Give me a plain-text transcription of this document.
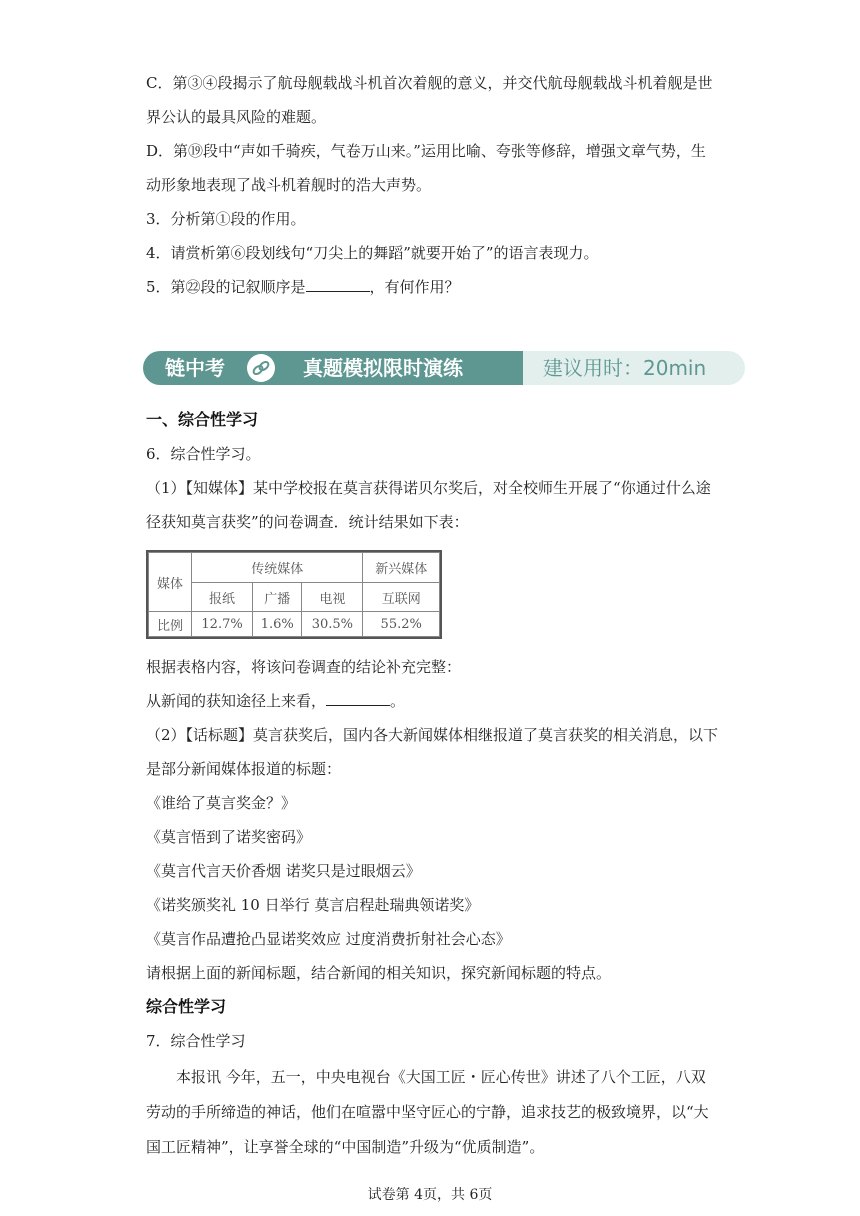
C．第③④段揭示了航母舰载战斗机首次着舰的意义，并交代航母舰载战斗机着舰是世
界公认的最具风险的难题。
D．第⑲段中“声如千骑疾，气卷万山来。”运用比喻、夸张等修辞，增强文章气势，生
动形象地表现了战斗机着舰时的浩大声势。
3．分析第①段的作用。
4．请赏析第⑥段划线句“刀尖上的舞蹈”就要开始了”的语言表现力。
5．第㉒段的记叙顺序是	，有何作用？
链中考	真题模拟限时演练	建议用时：20min
一、综合性学习
6．综合性学习。
（1）【知媒体】某中学校报在莫言获得诺贝尔奖后，对全校师生开展了“你通过什么途
径获知莫言获奖”的问卷调查．统计结果如下表：
媒体	传统媒体			新兴媒体
	报纸	广播	电视	互联网
比例	12.7%	1.6%	30.5%	55.2%
根据表格内容，将该问卷调查的结论补充完整：
从新闻的获知途径上来看，	。
（2）【话标题】莫言获奖后，国内各大新闻媒体相继报道了莫言获奖的相关消息，以下
是部分新闻媒体报道的标题：
《谁给了莫言奖金？》
《莫言悟到了诺奖密码》
《莫言代言天价香烟 诺奖只是过眼烟云》
《诺奖颁奖礼 10 日举行 莫言启程赴瑞典领诺奖》
《莫言作品遭抢凸显诺奖效应 过度消费折射社会心态》
请根据上面的新闻标题，结合新闻的相关知识，探究新闻标题的特点。
综合性学习
7．综合性学习
本报讯 今年，五一，中央电视台《大国工匠・匠心传世》讲述了八个工匠，八双
劳动的手所缔造的神话，他们在喧嚣中坚守匠心的宁静，追求技艺的极致境界，以“大
国工匠精神”，让享誉全球的“中国制造”升级为“优质制造”。
试卷第 4页，共 6页
